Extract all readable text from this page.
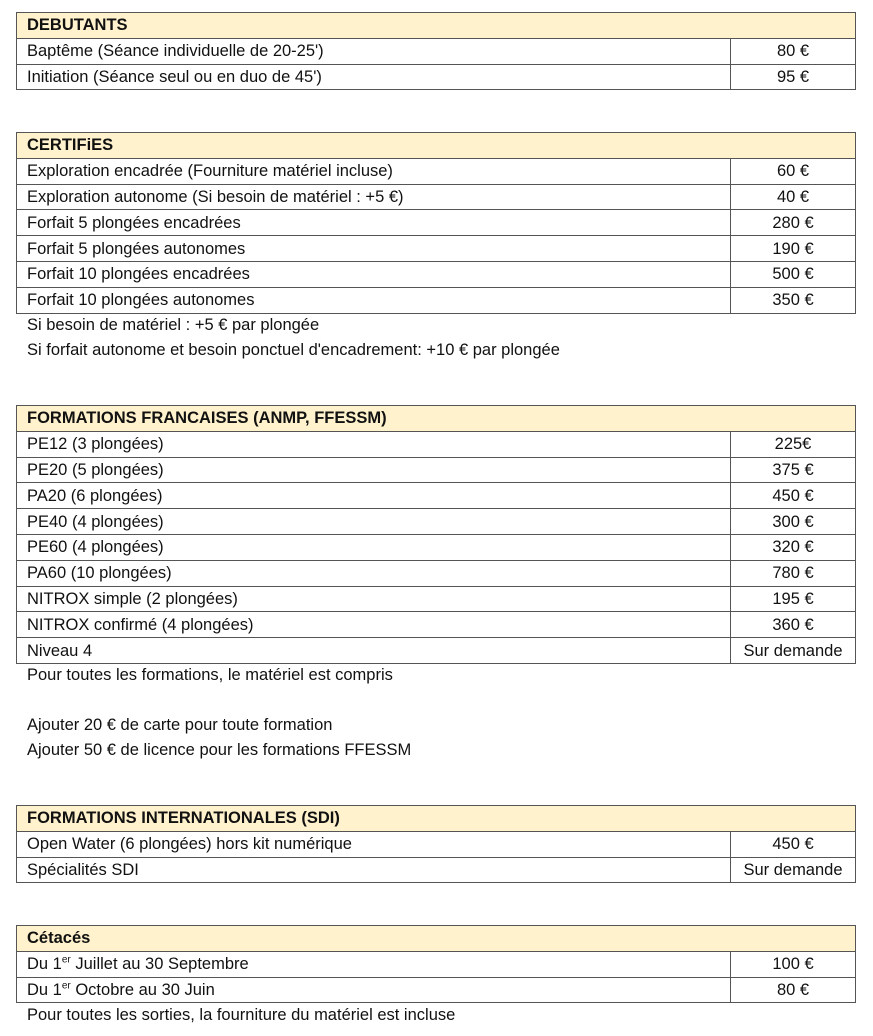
DEBUTANTS	
Baptême (Séance individuelle de 20-25')	80 €
Initiation (Séance seul ou en duo de 45')	95 €
CERTIFiES	
Exploration encadrée (Fourniture matériel incluse)	60 €
Exploration autonome (Si besoin de matériel : +5 €)	40 €
Forfait 5 plongées encadrées	280 €
Forfait 5 plongées autonomes	190 €
Forfait 10 plongées encadrées	500 €
Forfait 10 plongées autonomes	350 €
Si besoin de matériel : +5 € par plongée
Si forfait autonome et besoin ponctuel d'encadrement: +10 € par plongée
FORMATIONS FRANCAISES (ANMP, FFESSM)	
PE12 (3 plongées)	225€
PE20 (5 plongées)	375 €
PA20 (6 plongées)	450 €
PE40 (4 plongées)	300 €
PE60 (4 plongées)	320 €
PA60 (10 plongées)	780 €
NITROX simple (2 plongées)	195 €
NITROX confirmé (4 plongées)	360 €
Niveau 4	Sur demande
Pour toutes les formations, le matériel est compris
Ajouter 20 € de carte pour toute formation
Ajouter 50 € de licence pour les formations FFESSM
FORMATIONS INTERNATIONALES (SDI)	
Open Water (6 plongées) hors kit numérique	450 €
Spécialités SDI	Sur demande
Cétacés	
Du 1er Juillet au 30 Septembre	100 €
Du 1er Octobre au 30 Juin	80 €
Pour toutes les sorties, la fourniture du matériel est incluse
